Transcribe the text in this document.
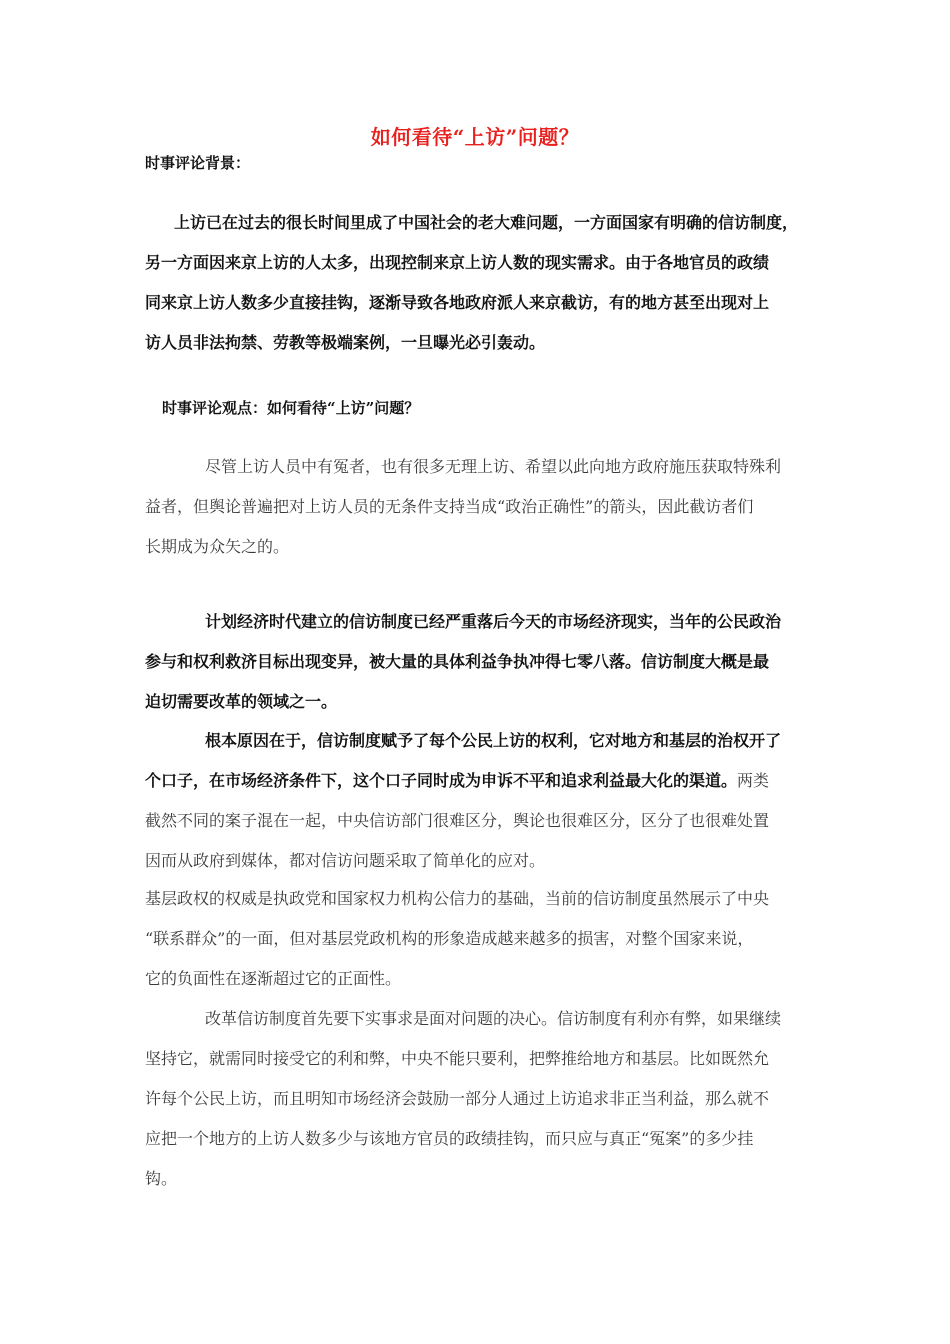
如何看待“上访”问题？
时事评论背景：
上访已在过去的很长时间里成了中国社会的老大难问题，一方面国家有明确的信访制度，
另一方面因来京上访的人太多，出现控制来京上访人数的现实需求。由于各地官员的政绩
同来京上访人数多少直接挂钩，逐渐导致各地政府派人来京截访，有的地方甚至出现对上
访人员非法拘禁、劳教等极端案例，一旦曝光必引轰动。
时事评论观点：如何看待“上访”问题？
尽管上访人员中有冤者，也有很多无理上访、希望以此向地方政府施压获取特殊利
益者，但舆论普遍把对上访人员的无条件支持当成“政治正确性”的箭头，因此截访者们
长期成为众矢之的。
计划经济时代建立的信访制度已经严重落后今天的市场经济现实，当年的公民政治
参与和权利救济目标出现变异，被大量的具体利益争执冲得七零八落。信访制度大概是最
迫切需要改革的领域之一。
根本原因在于，信访制度赋予了每个公民上访的权利，它对地方和基层的治权开了
个口子，在市场经济条件下，这个口子同时成为申诉不平和追求利益最大化的渠道。两类
截然不同的案子混在一起，中央信访部门很难区分，舆论也很难区分，区分了也很难处置
因而从政府到媒体，都对信访问题采取了简单化的应对。
基层政权的权威是执政党和国家权力机构公信力的基础，当前的信访制度虽然展示了中央
“联系群众”的一面，但对基层党政机构的形象造成越来越多的损害，对整个国家来说，
它的负面性在逐渐超过它的正面性。
改革信访制度首先要下实事求是面对问题的决心。信访制度有利亦有弊，如果继续
坚持它，就需同时接受它的利和弊，中央不能只要利，把弊推给地方和基层。比如既然允
许每个公民上访，而且明知市场经济会鼓励一部分人通过上访追求非正当利益，那么就不
应把一个地方的上访人数多少与该地方官员的政绩挂钩，而只应与真正“冤案”的多少挂
钩。
